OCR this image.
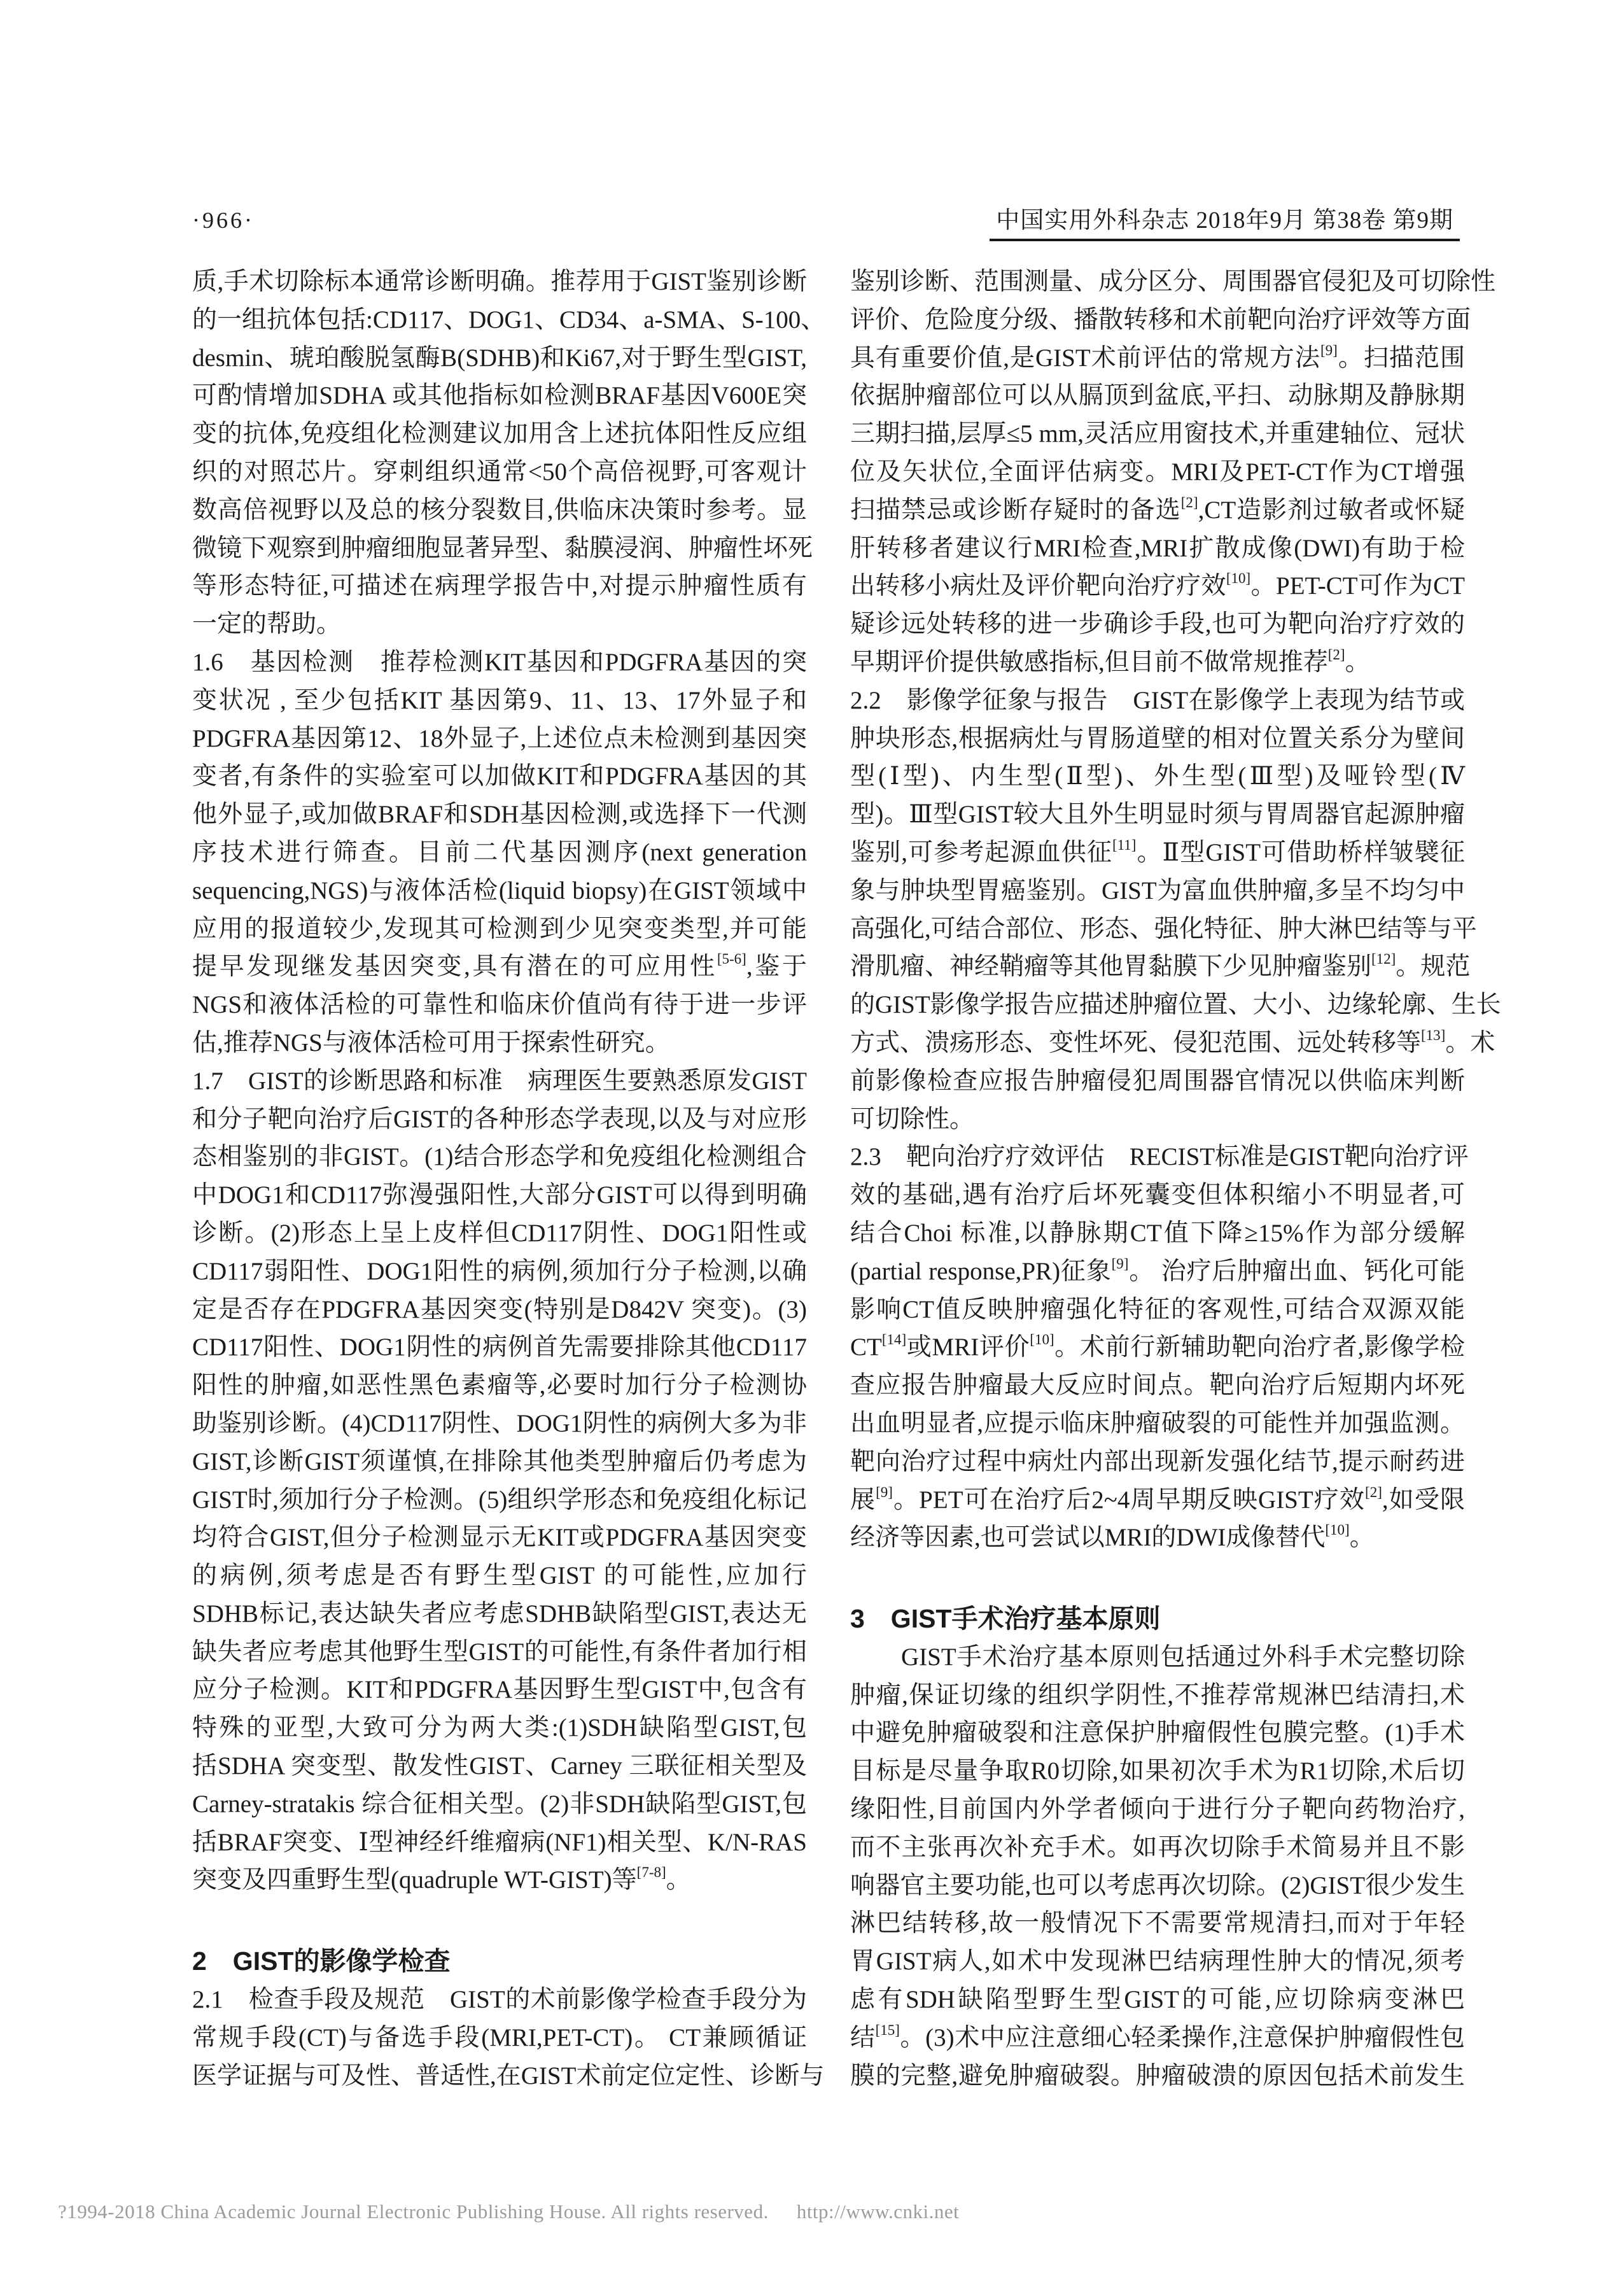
·966·	中国实用外科杂志 2018年9月 第38卷 第9期
质,手术切除标本通常诊断明确。推荐用于GIST鉴别诊断
的一组抗体包括:CD117、DOG1、CD34、a-SMA、S-100、
desmin、琥珀酸脱氢酶B(SDHB)和Ki67,对于野生型GIST,
可酌情增加SDHA 或其他指标如检测BRAF基因V600E突
变的抗体,免疫组化检测建议加用含上述抗体阳性反应组
织的对照芯片。穿刺组织通常<50个高倍视野,可客观计
数高倍视野以及总的核分裂数目,供临床决策时参考。显
微镜下观察到肿瘤细胞显著异型、黏膜浸润、肿瘤性坏死
等形态特征,可描述在病理学报告中,对提示肿瘤性质有
一定的帮助。
1.6　基因检测　推荐检测KIT基因和PDGFRA基因的突
变状况 , 至少包括KIT 基因第9、11、13、17外显子和
PDGFRA基因第12、18外显子,上述位点未检测到基因突
变者,有条件的实验室可以加做KIT和PDGFRA基因的其
他外显子,或加做BRAF和SDH基因检测,或选择下一代测
序技术进行筛查。目前二代基因测序(next generation
sequencing,NGS)与液体活检(liquid biopsy)在GIST领域中
应用的报道较少,发现其可检测到少见突变类型,并可能
提早发现继发基因突变,具有潜在的可应用性[5-6],鉴于
NGS和液体活检的可靠性和临床价值尚有待于进一步评
估,推荐NGS与液体活检可用于探索性研究。
1.7　GIST的诊断思路和标准　病理医生要熟悉原发GIST
和分子靶向治疗后GIST的各种形态学表现,以及与对应形
态相鉴别的非GIST。(1)结合形态学和免疫组化检测组合
中DOG1和CD117弥漫强阳性,大部分GIST可以得到明确
诊断。(2)形态上呈上皮样但CD117阴性、DOG1阳性或
CD117弱阳性、DOG1阳性的病例,须加行分子检测,以确
定是否存在PDGFRA基因突变(特别是D842V 突变)。(3)
CD117阳性、DOG1阴性的病例首先需要排除其他CD117
阳性的肿瘤,如恶性黑色素瘤等,必要时加行分子检测协
助鉴别诊断。(4)CD117阴性、DOG1阴性的病例大多为非
GIST,诊断GIST须谨慎,在排除其他类型肿瘤后仍考虑为
GIST时,须加行分子检测。(5)组织学形态和免疫组化标记
均符合GIST,但分子检测显示无KIT或PDGFRA基因突变
的病例,须考虑是否有野生型GIST 的可能性,应加行
SDHB标记,表达缺失者应考虑SDHB缺陷型GIST,表达无
缺失者应考虑其他野生型GIST的可能性,有条件者加行相
应分子检测。KIT和PDGFRA基因野生型GIST中,包含有
特殊的亚型,大致可分为两大类:(1)SDH缺陷型GIST,包
括SDHA 突变型、散发性GIST、Carney 三联征相关型及
Carney-stratakis 综合征相关型。(2)非SDH缺陷型GIST,包
括BRAF突变、Ⅰ型神经纤维瘤病(NF1)相关型、K/N-RAS
突变及四重野生型(quadruple WT-GIST)等[7-8]。
2　GIST的影像学检查
2.1　检查手段及规范　GIST的术前影像学检查手段分为
常规手段(CT)与备选手段(MRI,PET-CT)。 CT兼顾循证
医学证据与可及性、普适性,在GIST术前定位定性、诊断与
鉴别诊断、范围测量、成分区分、周围器官侵犯及可切除性
评价、危险度分级、播散转移和术前靶向治疗评效等方面
具有重要价值,是GIST术前评估的常规方法[9]。扫描范围
依据肿瘤部位可以从膈顶到盆底,平扫、动脉期及静脉期
三期扫描,层厚≤5 mm,灵活应用窗技术,并重建轴位、冠状
位及矢状位,全面评估病变。MRI及PET-CT作为CT增强
扫描禁忌或诊断存疑时的备选[2],CT造影剂过敏者或怀疑
肝转移者建议行MRI检查,MRI扩散成像(DWI)有助于检
出转移小病灶及评价靶向治疗疗效[10]。PET-CT可作为CT
疑诊远处转移的进一步确诊手段,也可为靶向治疗疗效的
早期评价提供敏感指标,但目前不做常规推荐[2]。
2.2　影像学征象与报告　GIST在影像学上表现为结节或
肿块形态,根据病灶与胃肠道壁的相对位置关系分为壁间
型(Ⅰ型)、内生型(Ⅱ型)、外生型(Ⅲ型)及哑铃型(Ⅳ
型)。Ⅲ型GIST较大且外生明显时须与胃周器官起源肿瘤
鉴别,可参考起源血供征[11]。Ⅱ型GIST可借助桥样皱襞征
象与肿块型胃癌鉴别。GIST为富血供肿瘤,多呈不均匀中
高强化,可结合部位、形态、强化特征、肿大淋巴结等与平
滑肌瘤、神经鞘瘤等其他胃黏膜下少见肿瘤鉴别[12]。规范
的GIST影像学报告应描述肿瘤位置、大小、边缘轮廓、生长
方式、溃疡形态、变性坏死、侵犯范围、远处转移等[13]。术
前影像检查应报告肿瘤侵犯周围器官情况以供临床判断
可切除性。
2.3　靶向治疗疗效评估　RECIST标准是GIST靶向治疗评
效的基础,遇有治疗后坏死囊变但体积缩小不明显者,可
结合Choi 标准,以静脉期CT值下降≥15%作为部分缓解
(partial response,PR)征象[9]。 治疗后肿瘤出血、钙化可能
影响CT值反映肿瘤强化特征的客观性,可结合双源双能
CT[14]或MRI评价[10]。术前行新辅助靶向治疗者,影像学检
查应报告肿瘤最大反应时间点。靶向治疗后短期内坏死
出血明显者,应提示临床肿瘤破裂的可能性并加强监测。
靶向治疗过程中病灶内部出现新发强化结节,提示耐药进
展[9]。PET可在治疗后2~4周早期反映GIST疗效[2],如受限
经济等因素,也可尝试以MRI的DWI成像替代[10]。
3　GIST手术治疗基本原则
GIST手术治疗基本原则包括通过外科手术完整切除
肿瘤,保证切缘的组织学阴性,不推荐常规淋巴结清扫,术
中避免肿瘤破裂和注意保护肿瘤假性包膜完整。(1)手术
目标是尽量争取R0切除,如果初次手术为R1切除,术后切
缘阳性,目前国内外学者倾向于进行分子靶向药物治疗,
而不主张再次补充手术。如再次切除手术简易并且不影
响器官主要功能,也可以考虑再次切除。(2)GIST很少发生
淋巴结转移,故一般情况下不需要常规清扫,而对于年轻
胃GIST病人,如术中发现淋巴结病理性肿大的情况,须考
虑有SDH缺陷型野生型GIST的可能,应切除病变淋巴
结[15]。(3)术中应注意细心轻柔操作,注意保护肿瘤假性包
膜的完整,避免肿瘤破裂。肿瘤破溃的原因包括术前发生
?1994-2018 China Academic Journal Electronic Publishing House. All rights reserved. http://www.cnki.net
